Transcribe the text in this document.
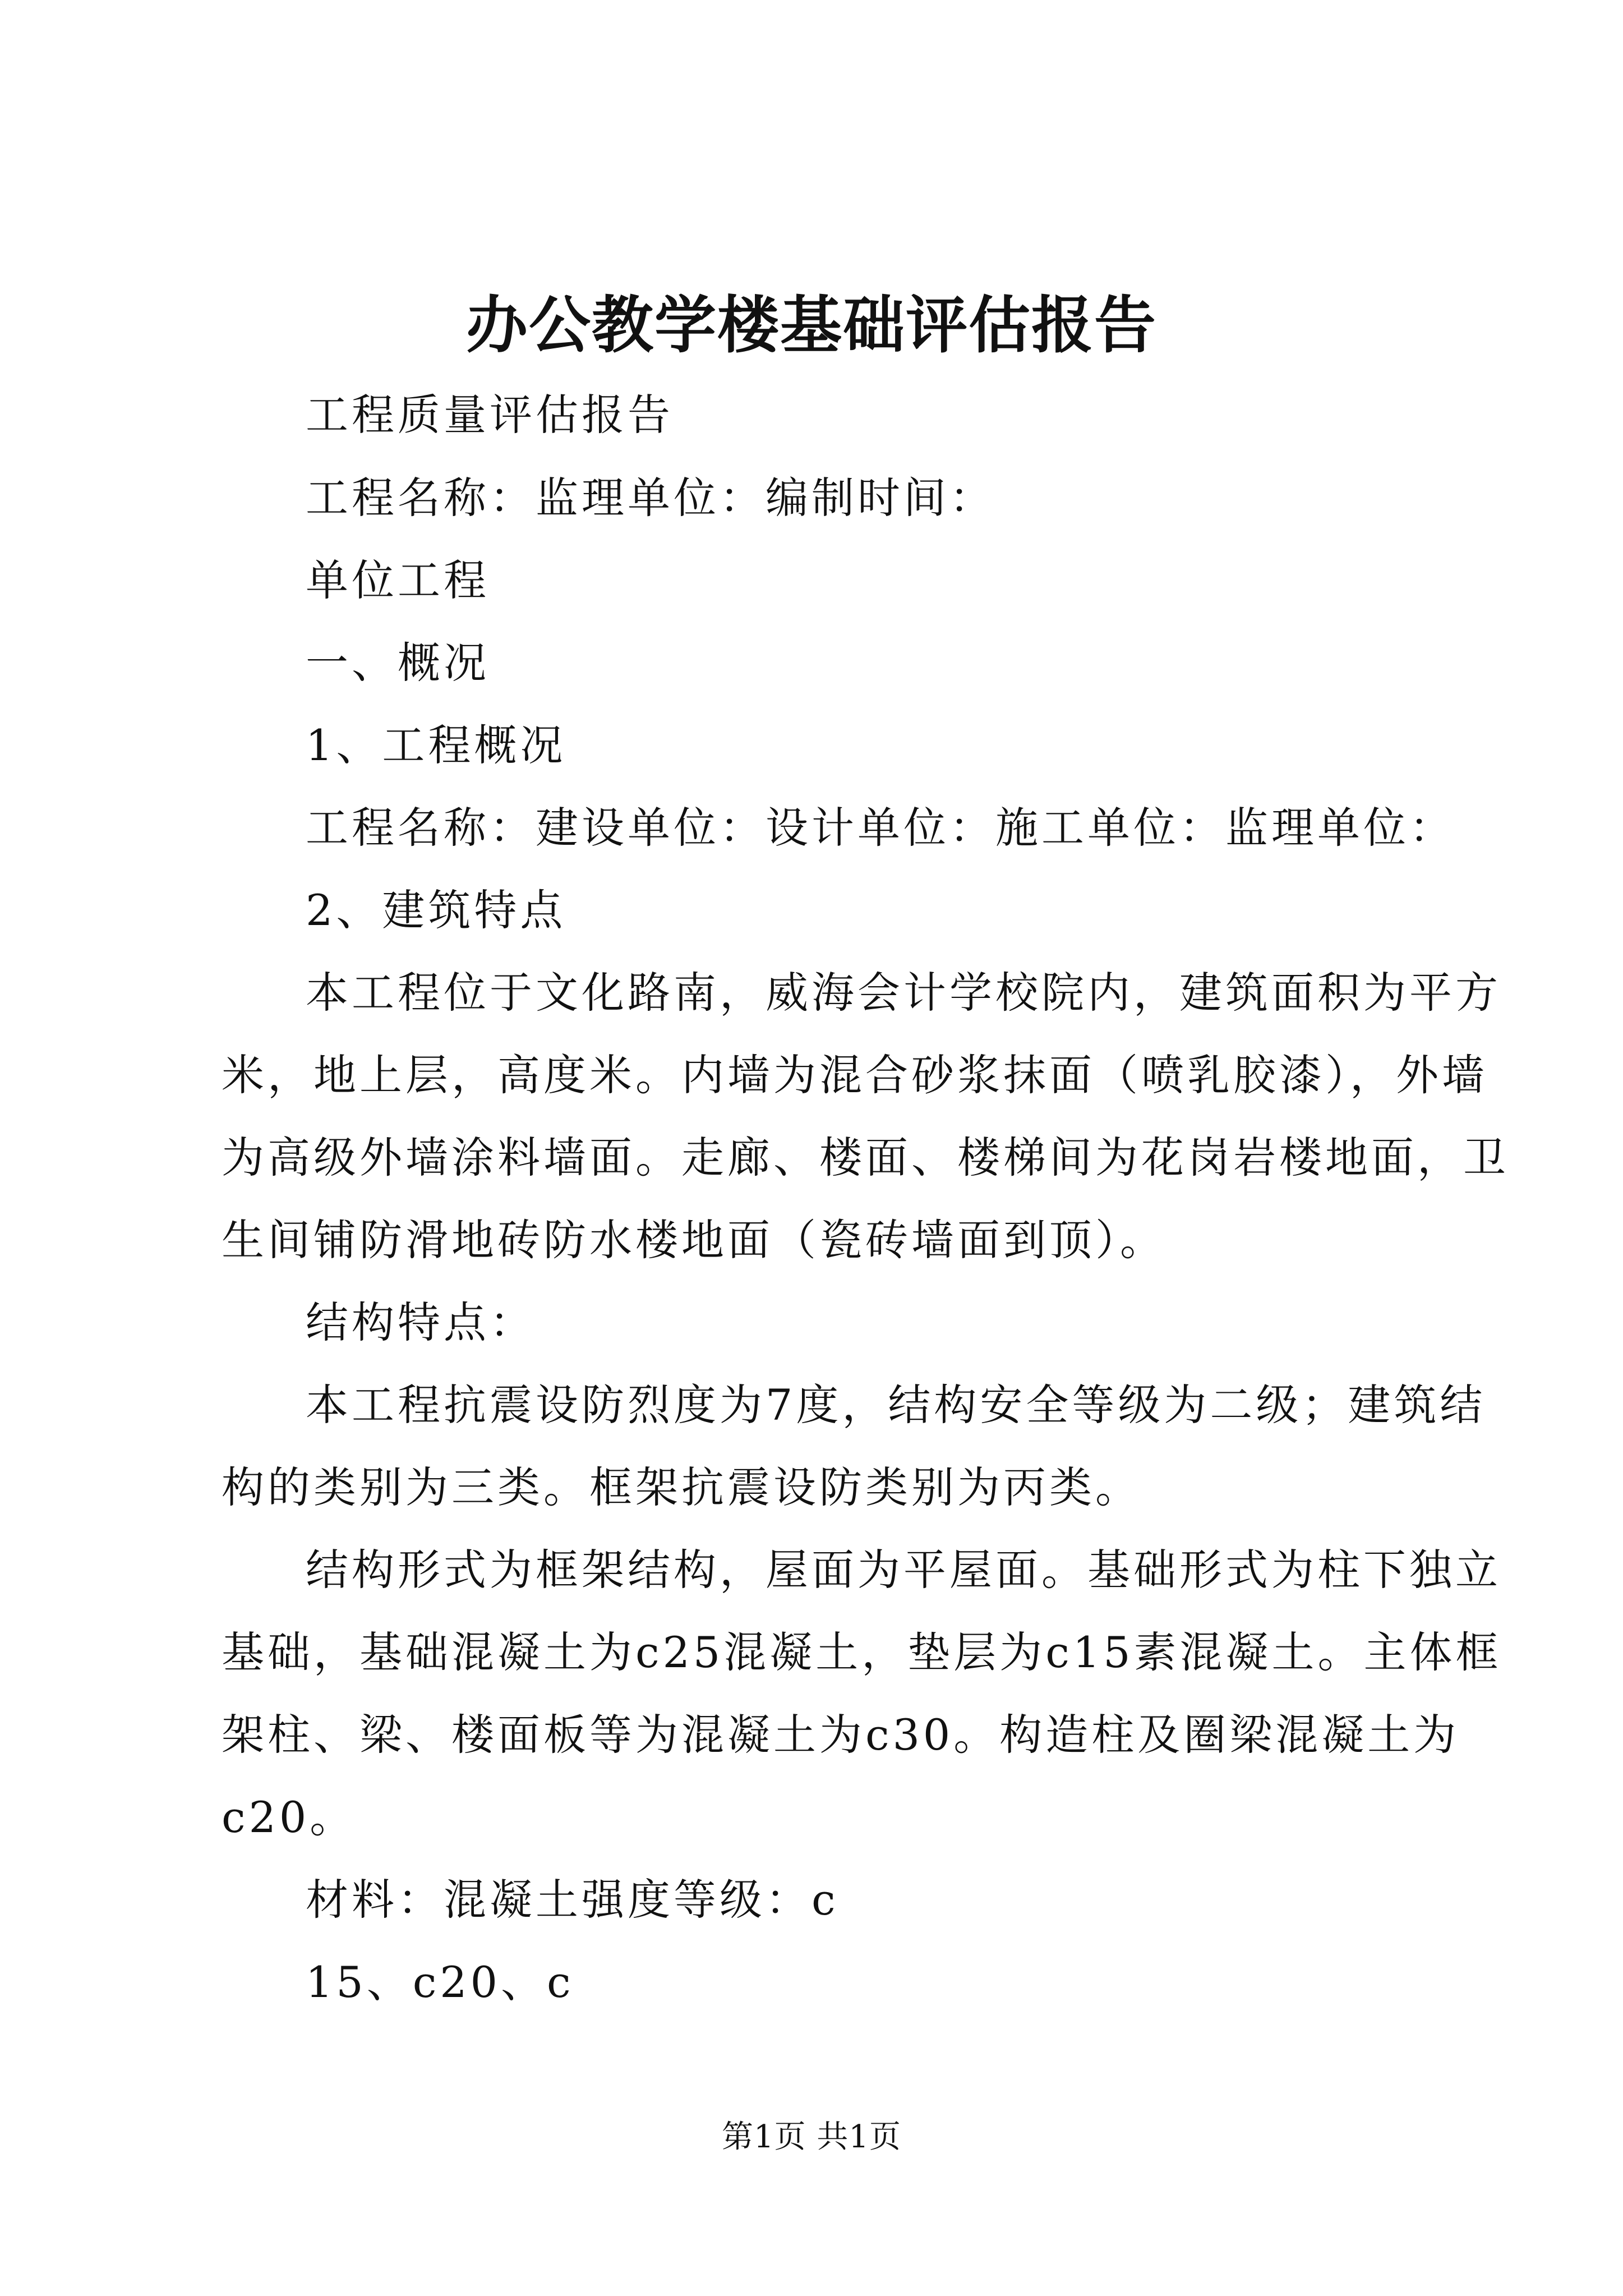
办公教学楼基础评估报告
工程质量评估报告
工程名称：监理单位：编制时间：
单位工程
一、概况
1、工程概况
工程名称：建设单位：设计单位：施工单位：监理单位：
2、建筑特点
本工程位于文化路南，威海会计学校院内，建筑面积为平方
米，地上层，高度米。内墙为混合砂浆抹面（喷乳胶漆），外墙
为高级外墙涂料墙面。走廊、楼面、楼梯间为花岗岩楼地面，卫
生间铺防滑地砖防水楼地面（瓷砖墙面到顶）。
结构特点：
本工程抗震设防烈度为7度，结构安全等级为二级；建筑结
构的类别为三类。框架抗震设防类别为丙类。
结构形式为框架结构，屋面为平屋面。基础形式为柱下独立
基础，基础混凝土为c25混凝土，垫层为c15素混凝土。主体框
架柱、梁、楼面板等为混凝土为c30。构造柱及圈梁混凝土为
c20。
材料：混凝土强度等级：c
15、c20、c
第1页 共1页
